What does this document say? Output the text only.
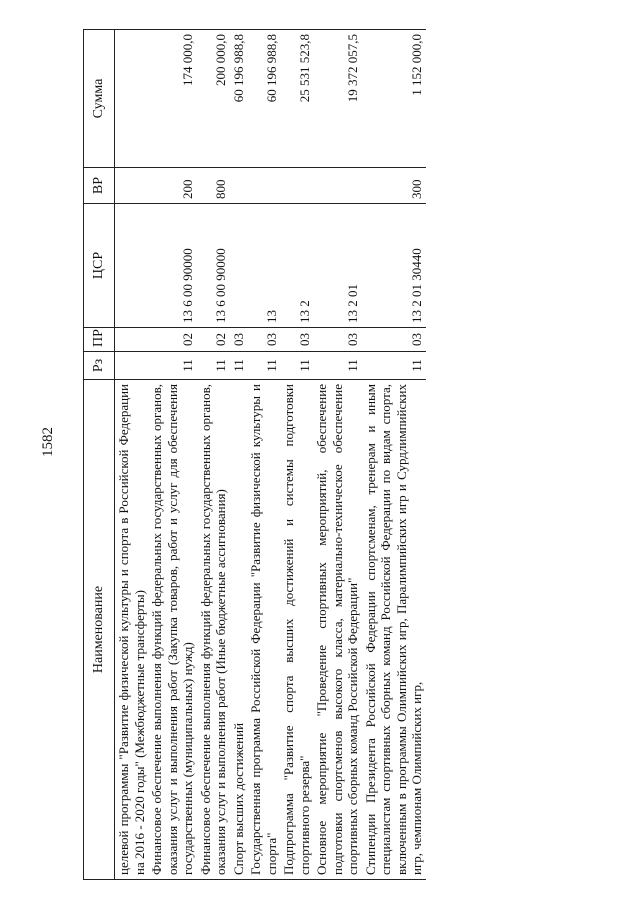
1582
Наименование	Рз	ПР	ЦСР	ВР	Сумма
целевой программы "Развитие физической культуры и спорта в Российской Федерации на 2016 - 2020 годы" (Межбюджетные трансферты)					
Финансовое обеспечение выполнения функций федеральных государственных органов, оказания услуг и выполнения работ (Закупка товаров, работ и услуг для обеспечения государственных (муниципальных) нужд)	11	02	13 6 00 90000	200	174 000,0
Финансовое обеспечение выполнения функций федеральных государственных органов, оказания услуг и выполнения работ (Иные бюджетные ассигнования)	11	02	13 6 00 90000	800	200 000,0
Спорт высших достижений	11	03			60 196 988,8
Государственная программа Российской Федерации "Развитие физической культуры и спорта"	11	03	13		60 196 988,8
Подпрограмма "Развитие спорта высших достижений и системы подготовки спортивного резерва"	11	03	13 2		25 531 523,8
Основное мероприятие "Проведение спортивных мероприятий, обеспечение подготовки спортсменов высокого класса, материально-техническое обеспечение спортивных сборных команд Российской Федерации"	11	03	13 2 01		19 372 057,5
Стипендии Президента Российской Федерации спортсменам, тренерам и иным специалистам спортивных сборных команд Российской Федерации по видам спорта, включенным в программы Олимпийских игр, Паралимпийских игр и Сурдлимпийских игр, чемпионам Олимпийских игр,	11	03	13 2 01 30440	300	1 152 000,0
